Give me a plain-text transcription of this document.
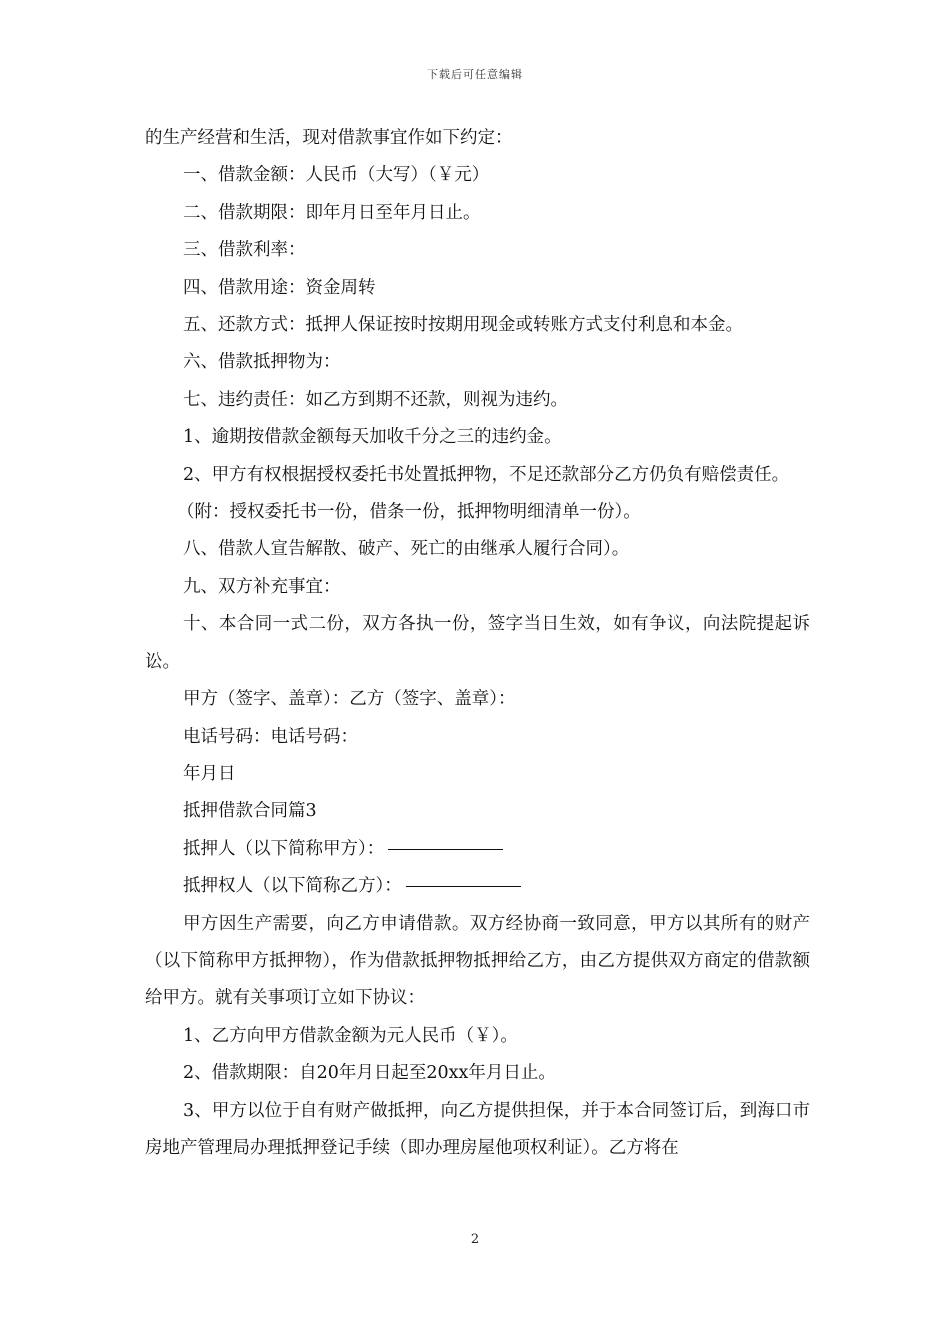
下载后可任意编辑

的生产经营和生活，现对借款事宜作如下约定：

一、借款金额：人民币（大写）（￥元）

二、借款期限：即年月日至年月日止。

三、借款利率：

四、借款用途：资金周转

五、还款方式：抵押人保证按时按期用现金或转账方式支付利息和本金。

六、借款抵押物为：

七、违约责任：如乙方到期不还款，则视为违约。

1、逾期按借款金额每天加收千分之三的违约金。

2、甲方有权根据授权委托书处置抵押物，不足还款部分乙方仍负有赔偿责任。

（附：授权委托书一份，借条一份，抵押物明细清单一份）。

八、借款人宣告解散、破产、死亡的由继承人履行合同）。

九、双方补充事宜：

十、本合同一式二份，双方各执一份，签字当日生效，如有争议，向法院提起诉讼。

甲方（签字、盖章）：乙方（签字、盖章）：

电话号码：电话号码：

年月日

抵押借款合同篇3

抵押人（以下简称甲方）：

抵押权人（以下简称乙方）：

甲方因生产需要，向乙方申请借款。双方经协商一致同意，甲方以其所有的财产（以下简称甲方抵押物），作为借款抵押物抵押给乙方，由乙方提供双方商定的借款额给甲方。就有关事项订立如下协议：

1、乙方向甲方借款金额为元人民币（￥）。

2、借款期限：自20年月日起至20xx年月日止。

3、甲方以位于自有财产做抵押，向乙方提供担保，并于本合同签订后，到海口市房地产管理局办理抵押登记手续（即办理房屋他项权利证）。乙方将在

2
